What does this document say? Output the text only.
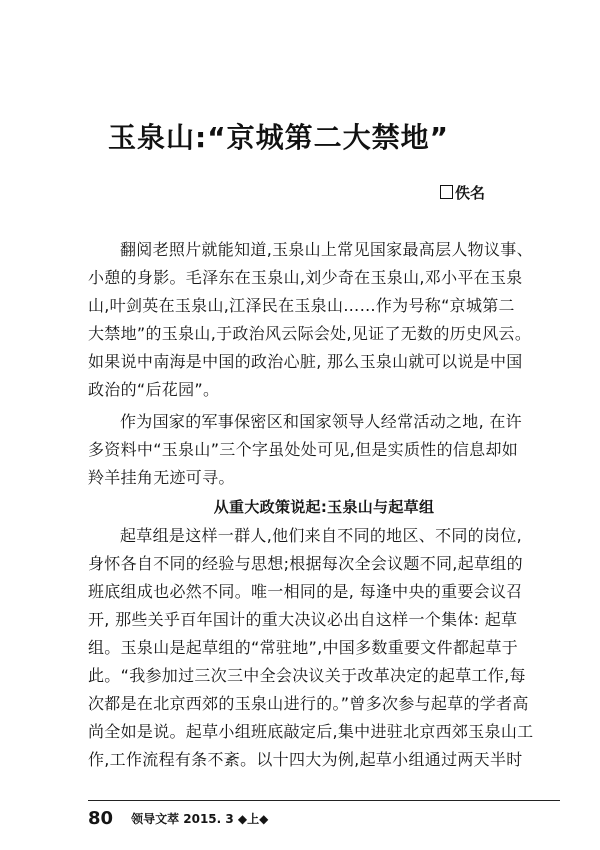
玉泉山:“京城第二大禁地”
佚名
翻阅老照片就能知道,玉泉山上常见国家最高层人物议事、
小憩的身影。毛泽东在玉泉山,刘少奇在玉泉山,邓小平在玉泉
山,叶剑英在玉泉山,江泽民在玉泉山……作为号称“京城第二
大禁地”的玉泉山,于政治风云际会处,见证了无数的历史风云。
如果说中南海是中国的政治心脏, 那么玉泉山就可以说是中国
政治的“后花园”。
作为国家的军事保密区和国家领导人经常活动之地, 在许
多资料中“玉泉山”三个字虽处处可见,但是实质性的信息却如
羚羊挂角无迹可寻。
从重大政策说起:玉泉山与起草组
起草组是这样一群人,他们来自不同的地区、不同的岗位,
身怀各自不同的经验与思想;根据每次全会议题不同,起草组的
班底组成也必然不同。唯一相同的是, 每逢中央的重要会议召
开, 那些关乎百年国计的重大决议必出自这样一个集体: 起草
组。玉泉山是起草组的“常驻地”,中国多数重要文件都起草于
此。“我参加过三次三中全会决议关于改革决定的起草工作,每
次都是在北京西郊的玉泉山进行的。”曾多次参与起草的学者高
尚全如是说。起草小组班底敲定后,集中进驻北京西郊玉泉山工
作,工作流程有条不紊。以十四大为例,起草小组通过两天半时
80 领导文萃 2015. 3 ◆上◆
